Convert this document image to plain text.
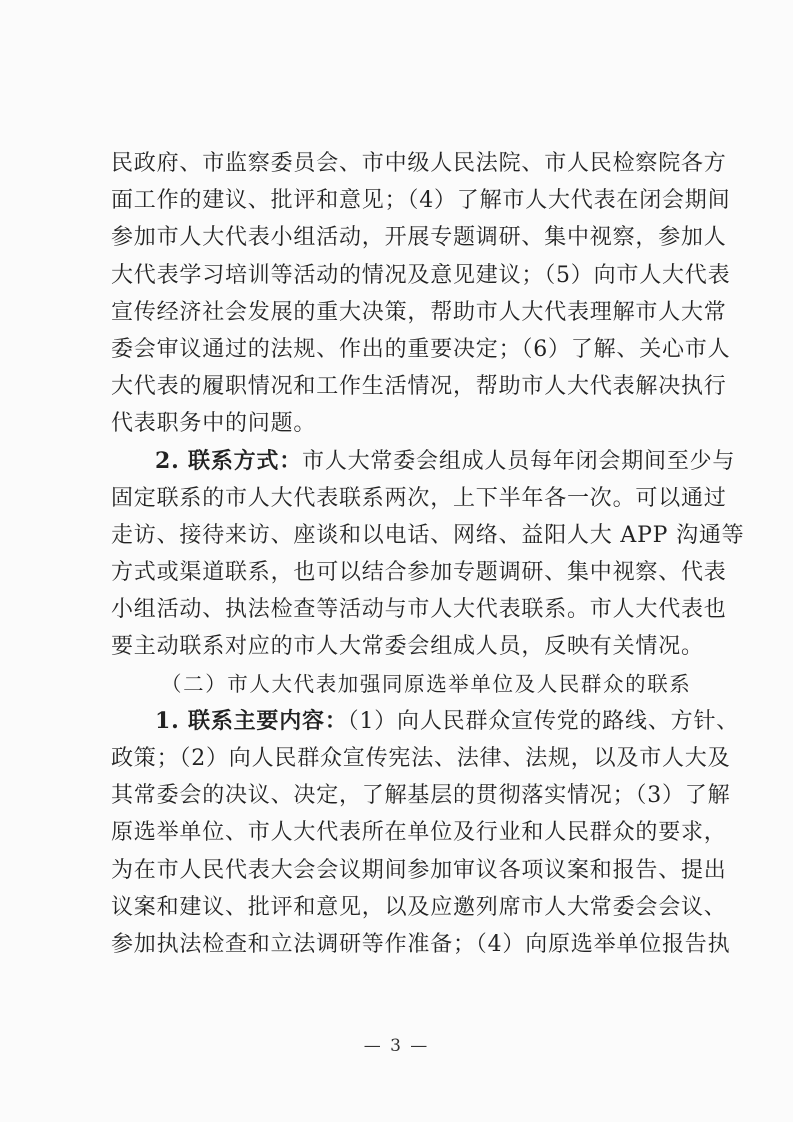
民政府、市监察委员会、市中级人民法院、市人民检察院各方
面工作的建议、批评和意见；（4）了解市人大代表在闭会期间
参加市人大代表小组活动，开展专题调研、集中视察，参加人
大代表学习培训等活动的情况及意见建议；（5）向市人大代表
宣传经济社会发展的重大决策，帮助市人大代表理解市人大常
委会审议通过的法规、作出的重要决定；（6）了解、关心市人
大代表的履职情况和工作生活情况，帮助市人大代表解决执行
代表职务中的问题。
2. 联系方式：市人大常委会组成人员每年闭会期间至少与
固定联系的市人大代表联系两次，上下半年各一次。可以通过
走访、接待来访、座谈和以电话、网络、益阳人大 APP 沟通等
方式或渠道联系，也可以结合参加专题调研、集中视察、代表
小组活动、执法检查等活动与市人大代表联系。市人大代表也
要主动联系对应的市人大常委会组成人员，反映有关情况。
（二）市人大代表加强同原选举单位及人民群众的联系
1. 联系主要内容：（1）向人民群众宣传党的路线、方针、
政策；（2）向人民群众宣传宪法、法律、法规，以及市人大及
其常委会的决议、决定，了解基层的贯彻落实情况；（3）了解
原选举单位、市人大代表所在单位及行业和人民群众的要求，
为在市人民代表大会会议期间参加审议各项议案和报告、提出
议案和建议、批评和意见，以及应邀列席市人大常委会会议、
参加执法检查和立法调研等作准备；（4）向原选举单位报告执
— 3 —
